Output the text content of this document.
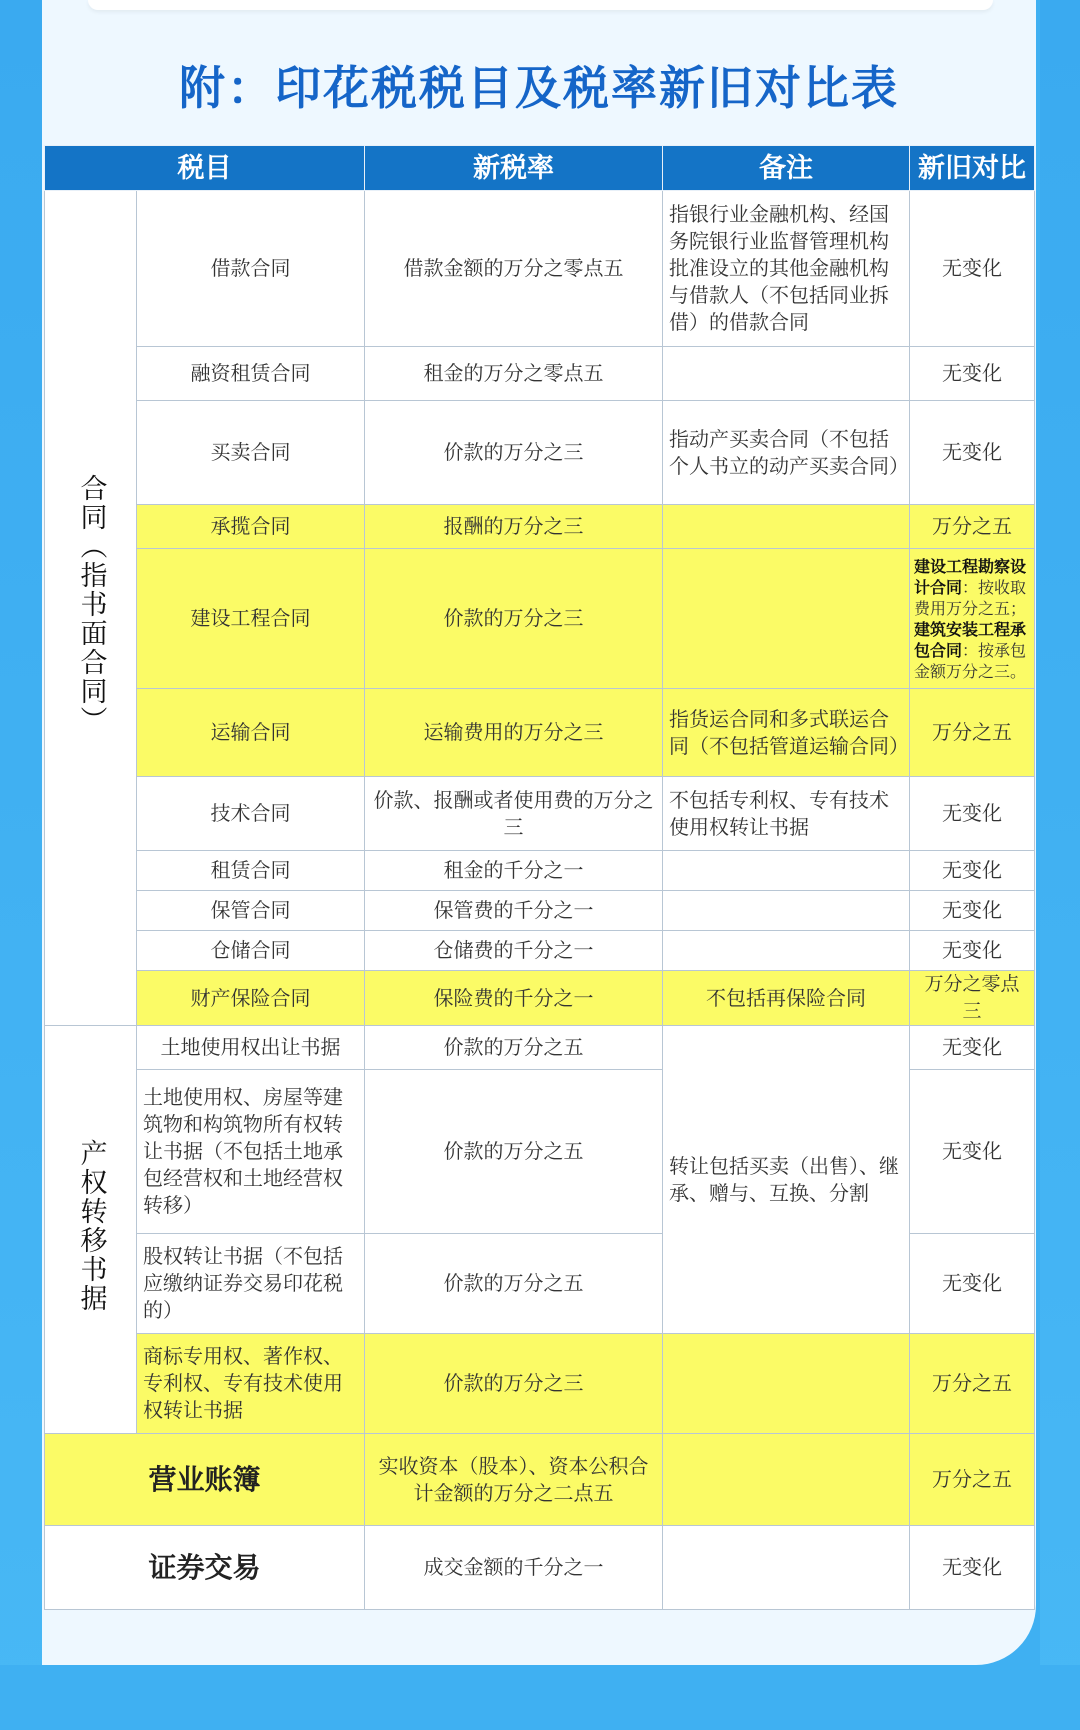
附：印花税税目及税率新旧对比表
税目		新税率	备注	新旧对比
合同（指书面合同）	借款合同	借款金额的万分之零点五	指银行业金融机构、经国务院银行业监督管理机构批准设立的其他金融机构与借款人（不包括同业拆借）的借款合同	无变化
	融资租赁合同	租金的万分之零点五		无变化
	买卖合同	价款的万分之三	指动产买卖合同（不包括个人书立的动产买卖合同）	无变化
	承揽合同	报酬的万分之三		万分之五
	建设工程合同	价款的万分之三		建设工程勘察设计合同：按收取费用万分之五；
建筑安装工程承包合同：按承包金额万分之三。
	运输合同	运输费用的万分之三	指货运合同和多式联运合同（不包括管道运输合同）	万分之五
	技术合同	价款、报酬或者使用费的万分之三	不包括专利权、专有技术使用权转让书据	无变化
	租赁合同	租金的千分之一		无变化
	保管合同	保管费的千分之一		无变化
	仓储合同	仓储费的千分之一		无变化
	财产保险合同	保险费的千分之一	不包括再保险合同	万分之零点三
产权转移书据	土地使用权出让书据	价款的万分之五	转让包括买卖（出售）、继承、赠与、互换、分割	无变化
	土地使用权、房屋等建筑物和构筑物所有权转让书据（不包括土地承包经营权和土地经营权转移）	价款的万分之五		无变化
	股权转让书据（不包括应缴纳证券交易印花税的）	价款的万分之五		无变化
	商标专用权、著作权、专利权、专有技术使用权转让书据	价款的万分之三		万分之五
营业账簿		实收资本（股本）、资本公积合计金额的万分之二点五		万分之五
证券交易		成交金额的千分之一		无变化
